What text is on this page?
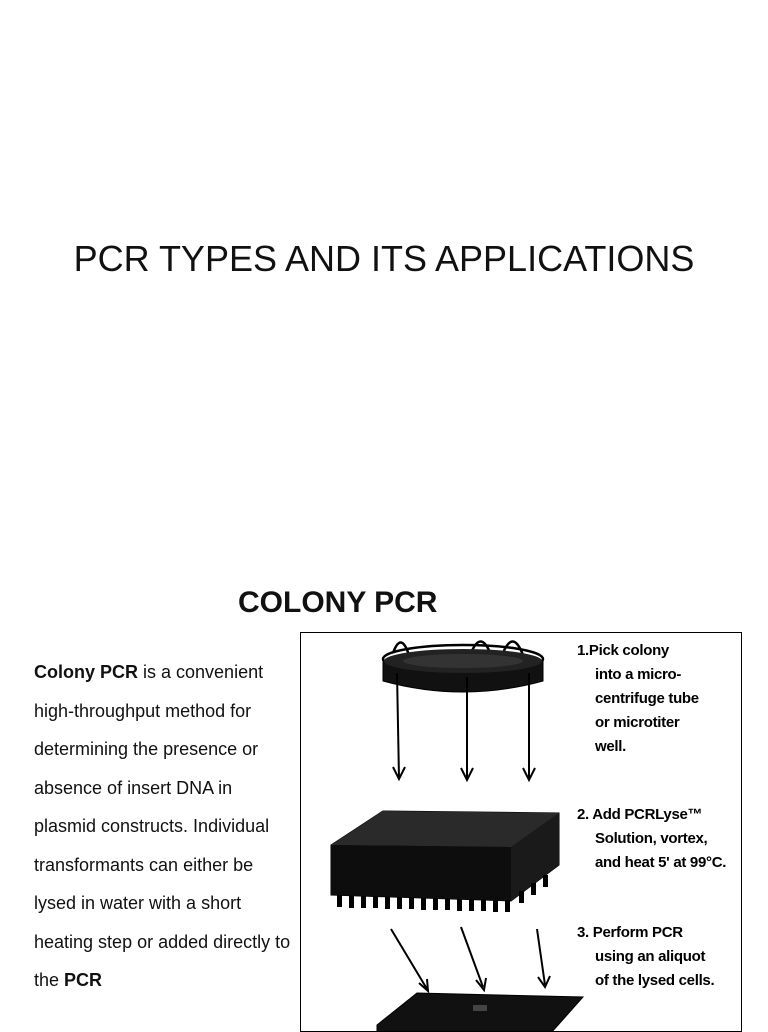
PCR TYPES AND ITS APPLICATIONS
COLONY PCR
Colony PCR is a convenient high-throughput method for determining the presence or absence of insert DNA in plasmid constructs. Individual transformants can either be lysed in water with a short heating step or added directly to the PCR
1.Pick colony
into a micro-
centrifuge tube
or microtiter
well.
2. Add PCRLyse™
Solution, vortex,
and heat 5' at 99°C.
3. Perform PCR
using an aliquot
of the lysed cells.
